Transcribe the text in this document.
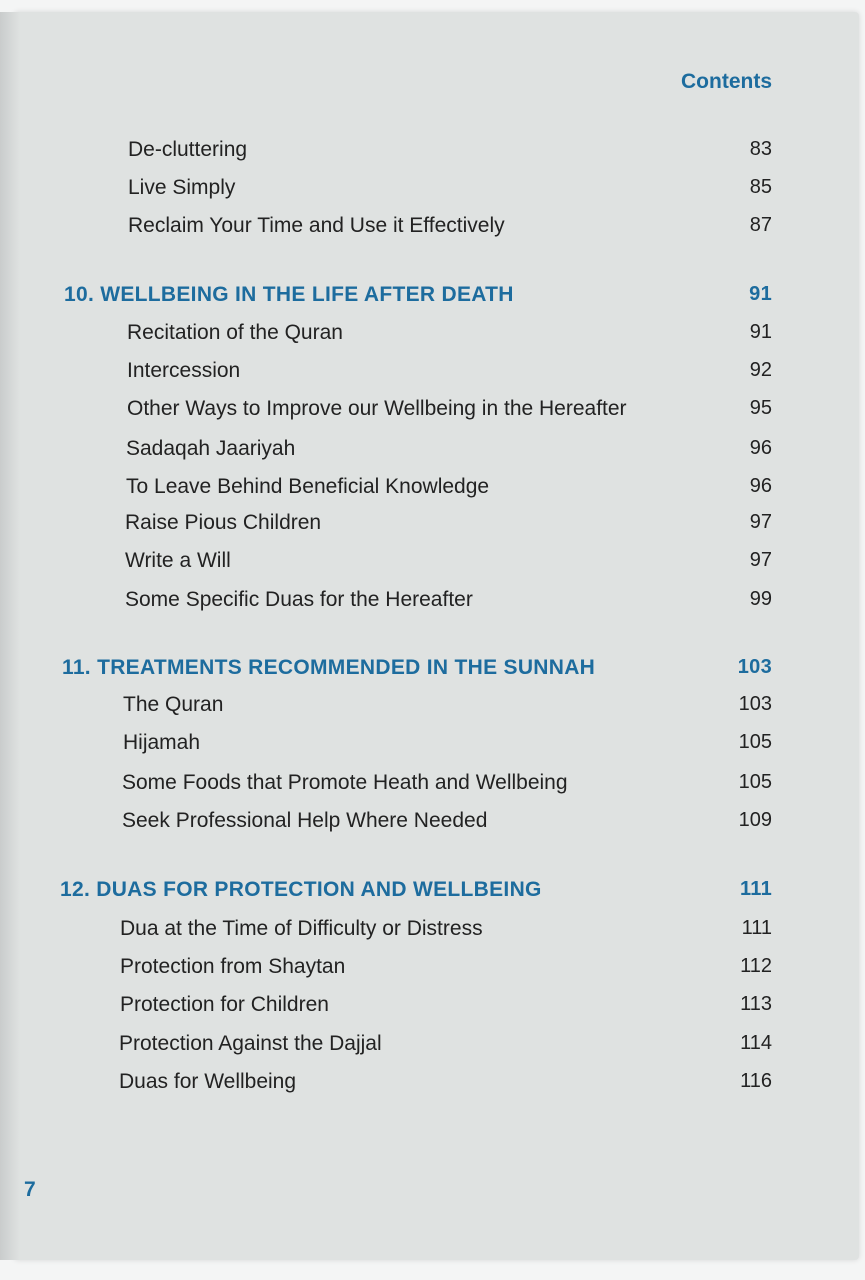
Contents
De-cluttering	83
Live Simply	85
Reclaim Your Time and Use it Effectively	87
10. WELLBEING IN THE LIFE AFTER DEATH	91
Recitation of the Quran	91
Intercession	92
Other Ways to Improve our Wellbeing in the Hereafter	95
Sadaqah Jaariyah	96
To Leave Behind Beneficial Knowledge	96
Raise Pious Children	97
Write a Will	97
Some Specific Duas for the Hereafter	99
11. TREATMENTS RECOMMENDED IN THE SUNNAH	103
The Quran	103
Hijamah	105
Some Foods that Promote Heath and Wellbeing	105
Seek Professional Help Where Needed	109
12. DUAS FOR PROTECTION AND WELLBEING	111
Dua at the Time of Difficulty or Distress	111
Protection from Shaytan	112
Protection for Children	113
Protection Against the Dajjal	114
Duas for Wellbeing	116
7
